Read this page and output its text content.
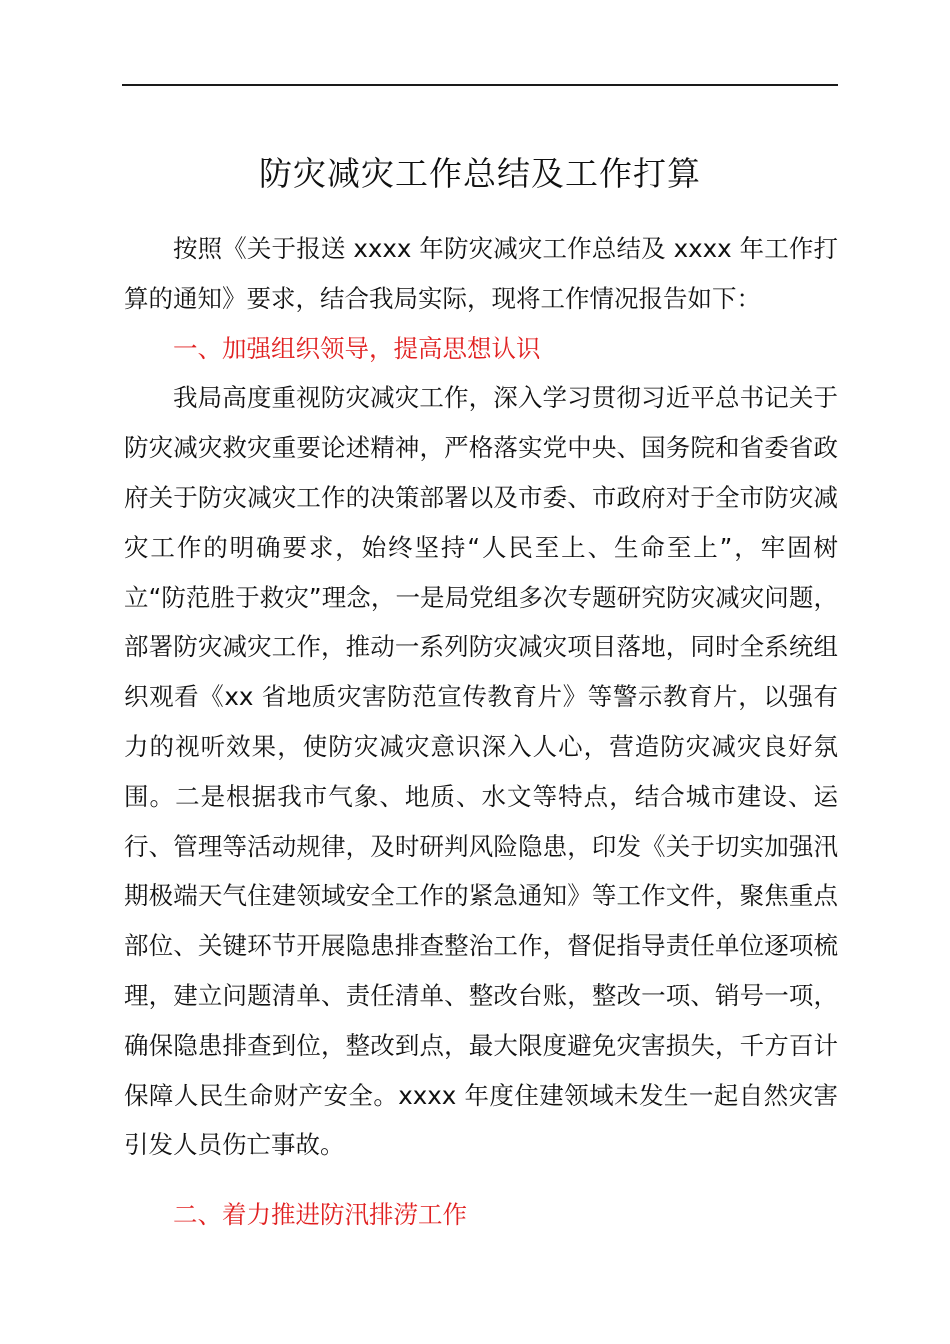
防灾减灾工作总结及工作打算

按照《关于报送 xxxx 年防灾减灾工作总结及 xxxx 年工作打算的通知》要求，结合我局实际，现将工作情况报告如下：

一、加强组织领导，提高思想认识

我局高度重视防灾减灾工作，深入学习贯彻习近平总书记关于防灾减灾救灾重要论述精神，严格落实党中央、国务院和省委省政府关于防灾减灾工作的决策部署以及市委、市政府对于全市防灾减灾工作的明确要求，始终坚持“人民至上、生命至上”，牢固树立“防范胜于救灾”理念，一是局党组多次专题研究防灾减灾问题，部署防灾减灾工作，推动一系列防灾减灾项目落地，同时全系统组织观看《xx 省地质灾害防范宣传教育片》等警示教育片，以强有力的视听效果，使防灾减灾意识深入人心，营造防灾减灾良好氛围。二是根据我市气象、地质、水文等特点，结合城市建设、运行、管理等活动规律，及时研判风险隐患，印发《关于切实加强汛期极端天气住建领域安全工作的紧急通知》等工作文件，聚焦重点部位、关键环节开展隐患排查整治工作，督促指导责任单位逐项梳理，建立问题清单、责任清单、整改台账，整改一项、销号一项，确保隐患排查到位，整改到点，最大限度避免灾害损失，千方百计保障人民生命财产安全。xxxx 年度住建领域未发生一起自然灾害引发人员伤亡事故。

二、着力推进防汛排涝工作
